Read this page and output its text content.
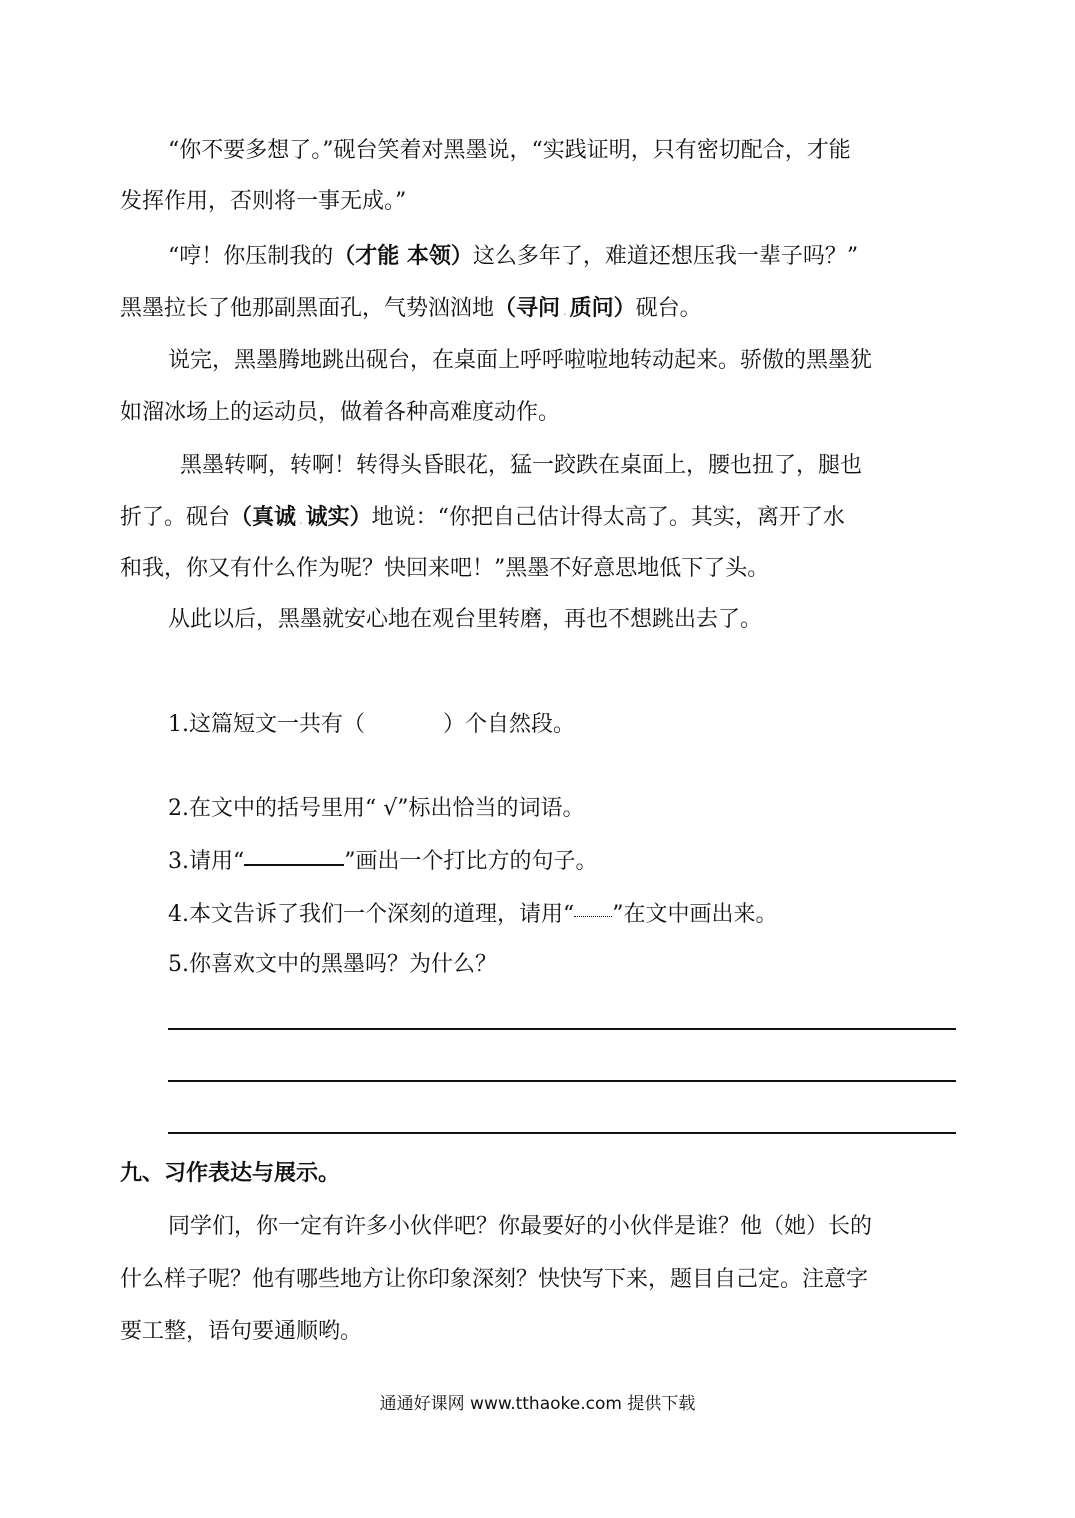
“你不要多想了。”砚台笑着对黑墨说，“实践证明，只有密切配合，才能
发挥作用，否则将一事无成。”
“哼！你压制我的（才能 本领）这么多年了，难道还想压我一辈子吗？”
黑墨拉长了他那副黑面孔，气势汹汹地（寻问 . 质问）砚台。
说完，黑墨腾地跳出砚台，在桌面上呼呼啦啦地转动起来。骄傲的黑墨犹
如溜冰场上的运动员，做着各种高难度动作。
黑墨转啊，转啊！转得头昏眼花，猛一跤跌在桌面上，腰也扭了，腿也
折了。砚台（真诚 . 诚实）地说：“你把自己估计得太高了。其实，离开了水
和我，你又有什么作为呢？快回来吧！”黑墨不好意思地低下了头。
从此以后，黑墨就安心地在观台里转磨，再也不想跳出去了。
1.这篇短文一共有（	）个自然段。
2.在文中的括号里用“ √”标出恰当的词语。
3.请用“	”画出一个打比方的句子。
4.本文告诉了我们一个深刻的道理，请用“ ”在文中画出来。
5.你喜欢文中的黑墨吗？为什么？
九、习作表达与展示。
同学们，你一定有许多小伙伴吧？你最要好的小伙伴是谁？他（她）长的
什么样子呢？他有哪些地方让你印象深刻？快快写下来，题目自己定。注意字
要工整，语句要通顺哟。
通通好课网 www.tthaoke.com 提供下载
